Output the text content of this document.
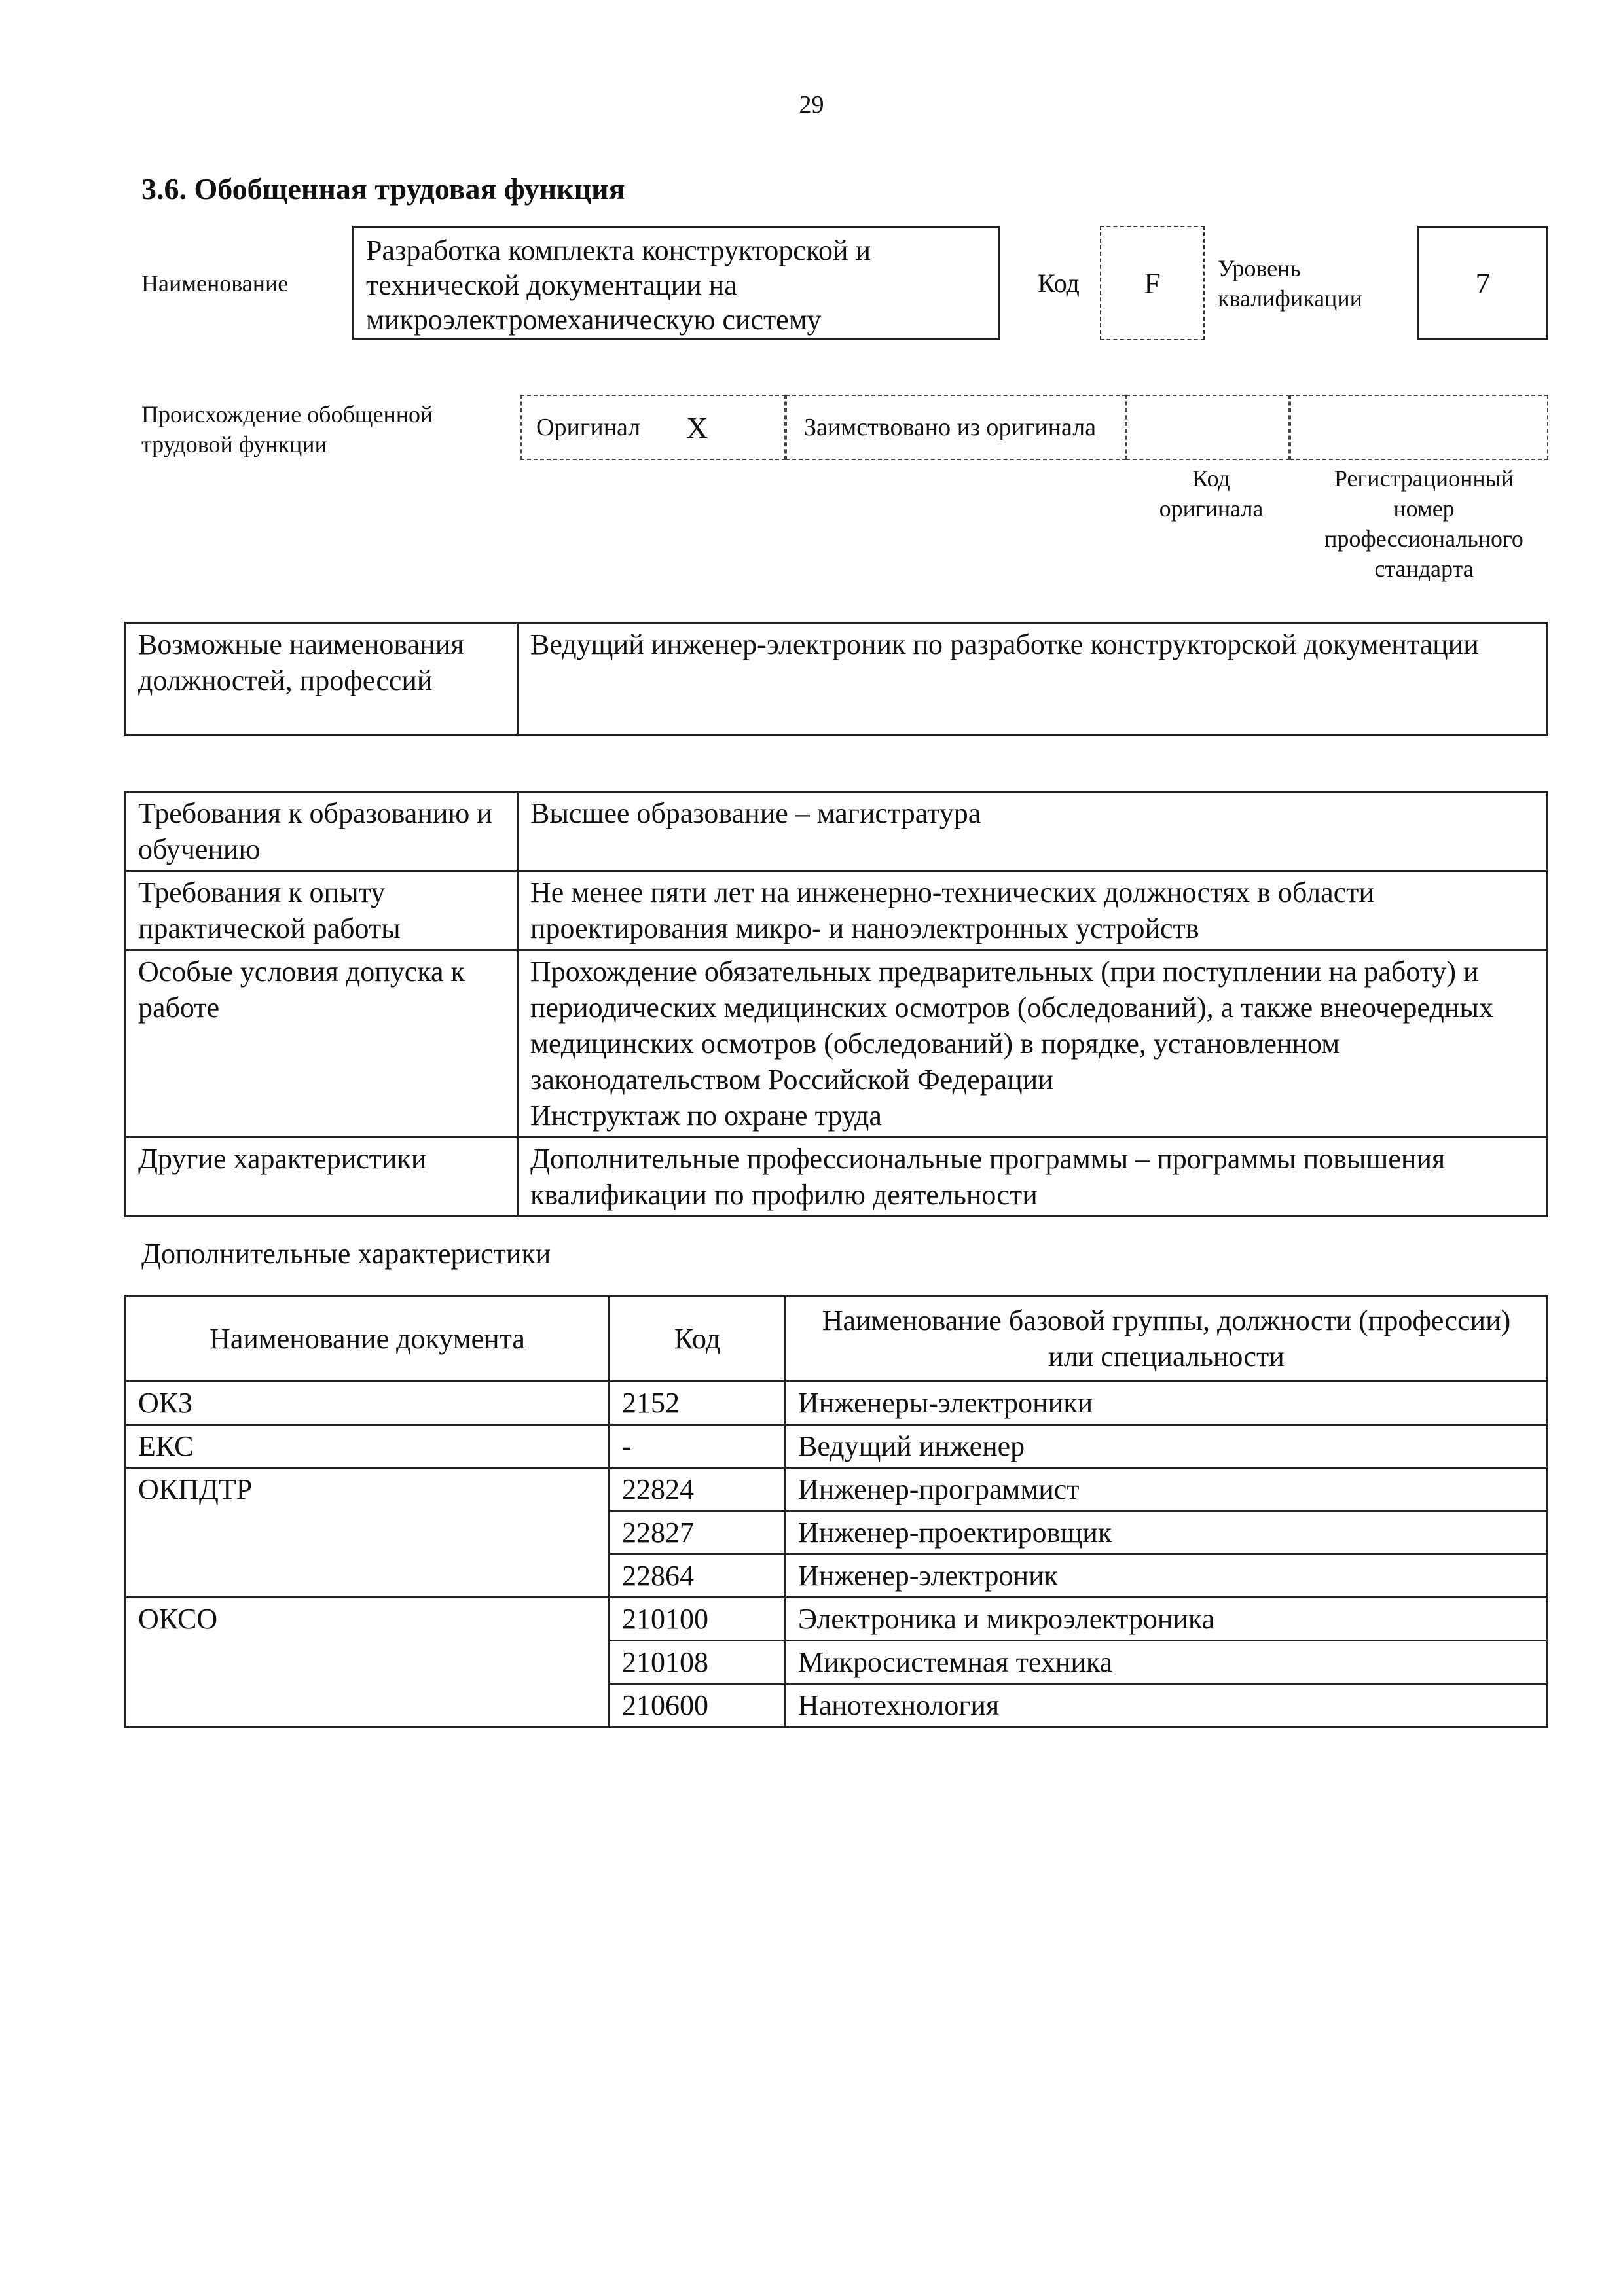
29
3.6. Обобщенная трудовая функция
Наименование
Разработка комплекта конструкторской и технической документации на микроэлектромеханическую систему
Код	F	Уровень квалификации	7
Происхождение обобщенной трудовой функции
Оригинал X	Заимствовано из оригинала
Код оригинала
Регистрационный номер профессионального стандарта
Возможные наименования должностей, профессий	Ведущий инженер-электроник по разработке конструкторской документации
Требования к образованию и обучению	Высшее образование – магистратура
Требования к опыту практической работы	Не менее пяти лет на инженерно-технических должностях в области проектирования микро- и наноэлектронных устройств
Особые условия допуска к работе	Прохождение обязательных предварительных (при поступлении на работу) и периодических медицинских осмотров (обследований), а также внеочередных медицинских осмотров (обследований) в порядке, установленном законодательством Российской Федерации
Инструктаж по охране труда

Другие характеристики	Дополнительные профессиональные программы – программы повышения квалификации по профилю деятельности
Дополнительные характеристики
Наименование документа	Код	Наименование базовой группы, должности (профессии) или специальности
ОКЗ	2152	Инженеры-электроники
ЕКС	-	Ведущий инженер
ОКПДТР	22824	Инженер-программист
	22827	Инженер-проектировщик
	22864	Инженер-электроник
ОКСО	210100	Электроника и микроэлектроника
	210108	Микросистемная техника
	210600	Нанотехнология
